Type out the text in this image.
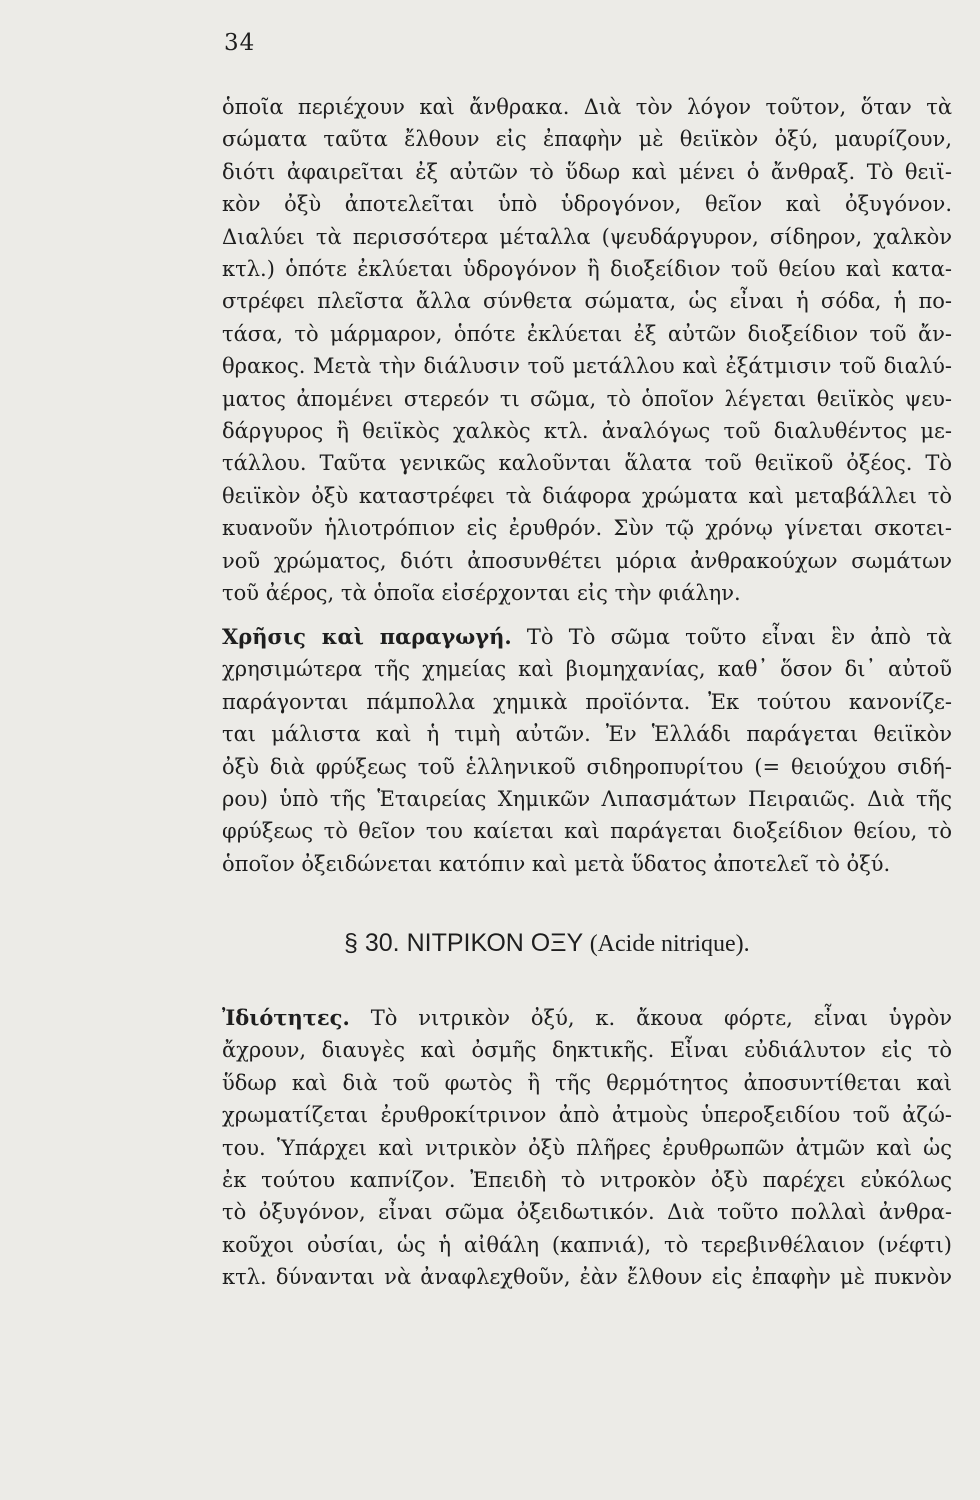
34
ὁποῖα περιέχουν καὶ ἄνθρακα. Διὰ τὸν λόγον τοῦτον, ὅταν τὰ
σώματα ταῦτα ἔλθουν εἰς ἐπαφὴν μὲ θειϊκὸν ὀξύ, μαυρίζουν,
διότι ἀφαιρεῖται ἐξ αὐτῶν τὸ ὕδωρ καὶ μένει ὁ ἄνθραξ. Τὸ θειϊ-
κὸν ὀξὺ ἀποτελεῖται ὑπὸ ὑδρογόνον, θεῖον καὶ ὀξυγόνον.
Διαλύει τὰ περισσότερα μέταλλα (ψευδάργυρον, σίδηρον, χαλκὸν
κτλ.) ὁπότε ἐκλύεται ὑδρογόνον ἢ διοξείδιον τοῦ θείου καὶ κατα-
στρέφει πλεῖστα ἄλλα σύνθετα σώματα, ὡς εἶναι ἡ σόδα, ἡ πο-
τάσα, τὸ μάρμαρον, ὁπότε ἐκλύεται ἐξ αὐτῶν διοξείδιον τοῦ ἄν-
θρακος. Μετὰ τὴν διάλυσιν τοῦ μετάλλου καὶ ἐξάτμισιν τοῦ διαλύ-
ματος ἀπομένει στερεόν τι σῶμα, τὸ ὁποῖον λέγεται θειϊκὸς ψευ-
δάργυρος ἢ θειϊκὸς χαλκὸς κτλ. ἀναλόγως τοῦ διαλυθέντος με-
τάλλου. Ταῦτα γενικῶς καλοῦνται ἅλατα τοῦ θειϊκοῦ ὀξέος. Τὸ
θειϊκὸν ὀξὺ καταστρέφει τὰ διάφορα χρώματα καὶ μεταβάλλει τὸ
κυανοῦν ἡλιοτρόπιον εἰς ἐρυθρόν. Σὺν τῷ χρόνῳ γίνεται σκοτει-
νοῦ χρώματος, διότι ἀποσυνθέτει μόρια ἀνθρακούχων σωμάτων
τοῦ ἀέρος, τὰ ὁποῖα εἰσέρχονται εἰς τὴν φιάλην.
Χρῆσις καὶ παραγωγή. Τὸ Τὸ σῶμα τοῦτο εἶναι ἓν ἀπὸ τὰ
χρησιμώτερα τῆς χημείας καὶ βιομηχανίας, καθ᾽ ὅσον δι᾽ αὐτοῦ
παράγονται πάμπολλα χημικὰ προϊόντα. Ἐκ τούτου κανονίζε-
ται μάλιστα καὶ ἡ τιμὴ αὐτῶν. Ἐν Ἑλλάδι παράγεται θειϊκὸν
ὀξὺ διὰ φρύξεως τοῦ ἑλληνικοῦ σιδηροπυρίτου (= θειούχου σιδή-
ρου) ὑπὸ τῆς Ἑταιρείας Χημικῶν Λιπασμάτων Πειραιῶς. Διὰ τῆς
φρύξεως τὸ θεῖον του καίεται καὶ παράγεται διοξείδιον θείου, τὸ
ὁποῖον ὀξειδώνεται κατόπιν καὶ μετὰ ὕδατος ἀποτελεῖ τὸ ὀξύ.
§ 30. ΝΙΤΡΙΚΟΝ ΟΞΥ (Acide nitrique).
Ἰδιότητες. Τὸ νιτρικὸν ὀξύ, κ. ἄκουα φόρτε, εἶναι ὑγρὸν
ἄχρουν, διαυγὲς καὶ ὀσμῆς δηκτικῆς. Εἶναι εὐδιάλυτον εἰς τὸ
ὕδωρ καὶ διὰ τοῦ φωτὸς ἢ τῆς θερμότητος ἀποσυντίθεται καὶ
χρωματίζεται ἐρυθροκίτρινον ἀπὸ ἀτμοὺς ὑπεροξειδίου τοῦ ἀζώ-
του. Ὑπάρχει καὶ νιτρικὸν ὀξὺ πλῆρες ἐρυθρωπῶν ἀτμῶν καὶ ὡς
ἐκ τούτου καπνίζον. Ἐπειδὴ τὸ νιτροκὸν ὀξὺ παρέχει εὐκόλως
τὸ ὀξυγόνον, εἶναι σῶμα ὀξειδωτικόν. Διὰ τοῦτο πολλαὶ ἀνθρα-
κοῦχοι οὐσίαι, ὡς ἡ αἰθάλη (καπνιά), τὸ τερεβινθέλαιον (νέφτι)
κτλ. δύνανται νὰ ἀναφλεχθοῦν, ἐὰν ἔλθουν εἰς ἐπαφὴν μὲ πυκνὸν
